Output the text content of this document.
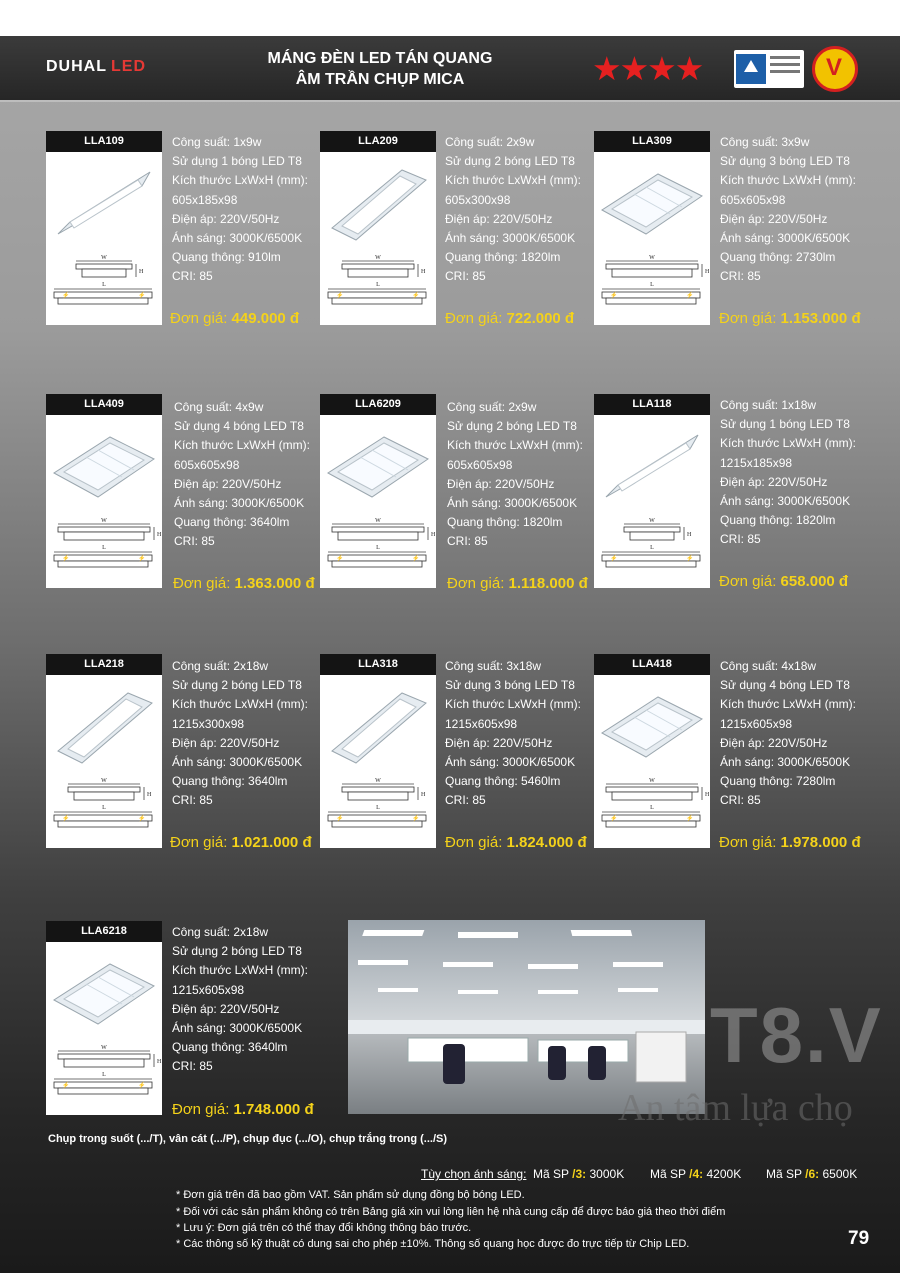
DUHAL LED	MÁNG ĐÈN LED TÁN QUANG
ÂM TRẦN CHỤP MICA	★★★★
V
LLA109
W
H
L
⚡	⚡
Công suất: 1x9w
Sử dụng 1 bóng LED T8
Kích thước LxWxH (mm):
605x185x98
Điện áp: 220V/50Hz
Ánh sáng: 3000K/6500K
Quang thông: 910lm
CRI: 85
Đơn giá: 449.000 đ
LLA209
W
H
L
⚡	⚡
Công suất: 2x9w
Sử dụng 2 bóng LED T8
Kích thước LxWxH (mm):
605x300x98
Điện áp: 220V/50Hz
Ánh sáng: 3000K/6500K
Quang thông: 1820lm
CRI: 85
Đơn giá: 722.000 đ
LLA309
W
H
L
⚡	⚡
Công suất: 3x9w
Sử dụng 3 bóng LED T8
Kích thước LxWxH (mm):
605x605x98
Điện áp: 220V/50Hz
Ánh sáng: 3000K/6500K
Quang thông: 2730lm
CRI: 85
Đơn giá: 1.153.000 đ
LLA409
W
H
L
⚡	⚡
Công suất: 4x9w
Sử dụng 4 bóng LED T8
Kích thước LxWxH (mm):
605x605x98
Điện áp: 220V/50Hz
Ánh sáng: 3000K/6500K
Quang thông: 3640lm
CRI: 85
Đơn giá: 1.363.000 đ
LLA6209
W
H
L
⚡	⚡
Công suất: 2x9w
Sử dụng 2 bóng LED T8
Kích thước LxWxH (mm):
605x605x98
Điện áp: 220V/50Hz
Ánh sáng: 3000K/6500K
Quang thông: 1820lm
CRI: 85
Đơn giá: 1.118.000 đ
LLA118
W
H
L
⚡	⚡
Công suất: 1x18w
Sử dụng 1 bóng LED T8
Kích thước LxWxH (mm):
1215x185x98
Điện áp: 220V/50Hz
Ánh sáng: 3000K/6500K
Quang thông: 1820lm
CRI: 85
Đơn giá: 658.000 đ
LLA218
W
H
L
⚡	⚡
Công suất: 2x18w
Sử dụng 2 bóng LED T8
Kích thước LxWxH (mm):
1215x300x98
Điện áp: 220V/50Hz
Ánh sáng: 3000K/6500K
Quang thông: 3640lm
CRI: 85
Đơn giá: 1.021.000 đ
LLA318
W
H
L
⚡	⚡
Công suất: 3x18w
Sử dụng 3 bóng LED T8
Kích thước LxWxH (mm):
1215x605x98
Điện áp: 220V/50Hz
Ánh sáng: 3000K/6500K
Quang thông: 5460lm
CRI: 85
Đơn giá: 1.824.000 đ
LLA418
W
H
L
⚡	⚡
Công suất: 4x18w
Sử dụng 4 bóng LED T8
Kích thước LxWxH (mm):
1215x605x98
Điện áp: 220V/50Hz
Ánh sáng: 3000K/6500K
Quang thông: 7280lm
CRI: 85
Đơn giá: 1.978.000 đ
LLA6218
W
H
L
⚡	⚡
Công suất: 2x18w
Sử dụng 2 bóng LED T8
Kích thước LxWxH (mm):
1215x605x98
Điện áp: 220V/50Hz
Ánh sáng: 3000K/6500K
Quang thông: 3640lm
CRI: 85
Đơn giá: 1.748.000 đ
T8.V
An tâm lựa chọ
Chụp trong suốt (.../T), vân cát (.../P), chụp đục (.../O), chụp trắng trong (.../S)
Tùy chọn ánh sáng: Mã SP /3: 3000K Mã SP /4: 4200K Mã SP /6: 6500K
* Đơn giá trên đã bao gồm VAT. Sản phẩm sử dụng đồng bộ bóng LED.
* Đối với các sản phẩm không có trên Bảng giá xin vui lòng liên hệ nhà cung cấp để được báo giá theo thời điểm
* Lưu ý: Đơn giá trên có thể thay đổi không thông báo trước.
* Các thông số kỹ thuật có dung sai cho phép ±10%. Thông số quang học được đo trực tiếp từ Chip LED.	79
